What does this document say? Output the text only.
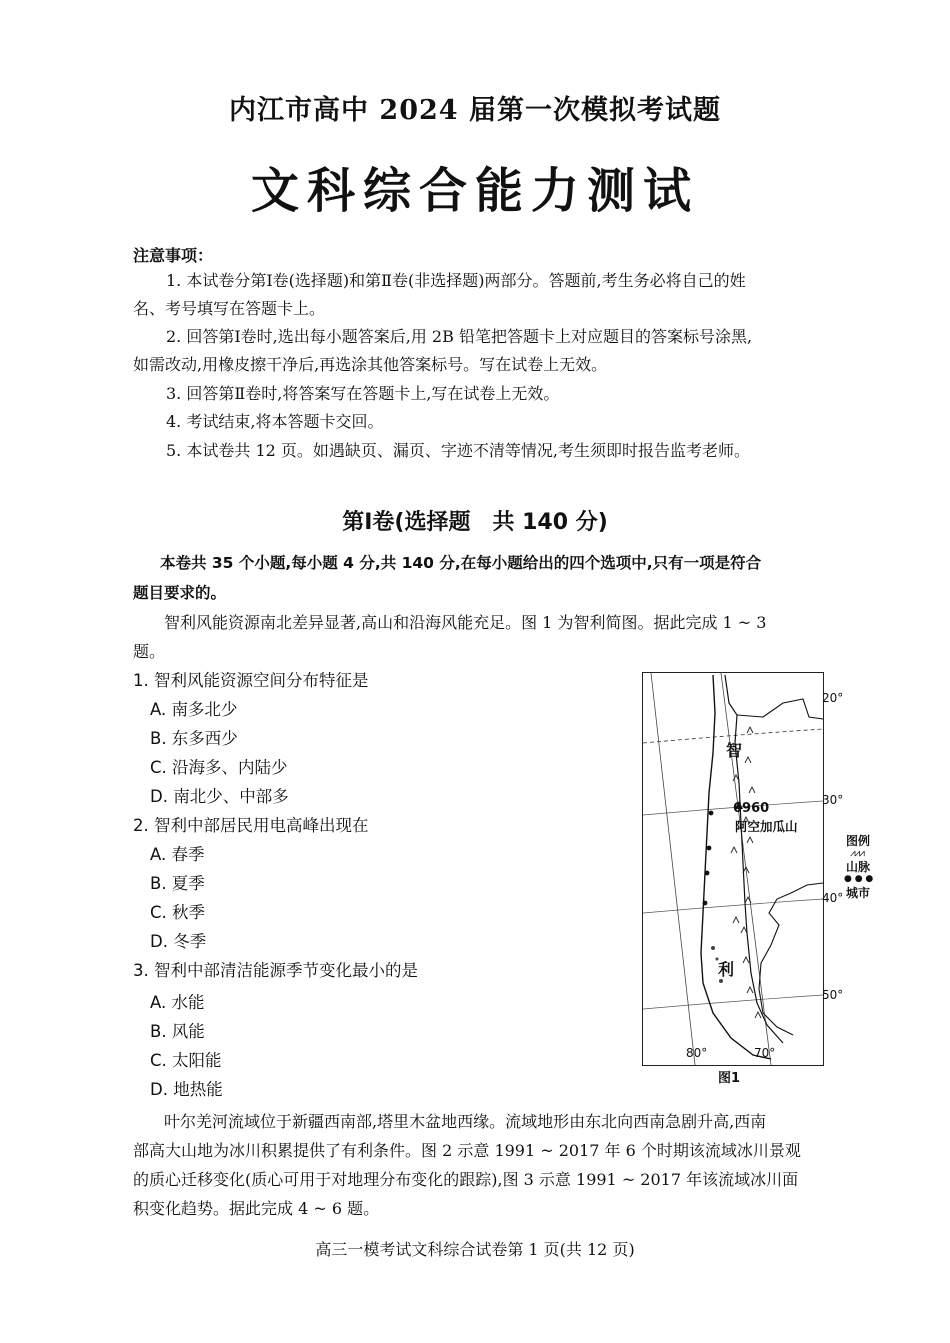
内江市高中 2024 届第一次模拟考试题
文科综合能力测试
注意事项：
1. 本试卷分第Ⅰ卷(选择题)和第Ⅱ卷(非选择题)两部分。答题前,考生务必将自己的姓
名、考号填写在答题卡上。
2. 回答第Ⅰ卷时,选出每小题答案后,用 2B 铅笔把答题卡上对应题目的答案标号涂黑,
如需改动,用橡皮擦干净后,再选涂其他答案标号。写在试卷上无效。
3. 回答第Ⅱ卷时,将答案写在答题卡上,写在试卷上无效。
4. 考试结束,将本答题卡交回。
5. 本试卷共 12 页。如遇缺页、漏页、字迹不清等情况,考生须即时报告监考老师。
第Ⅰ卷(选择题　共 140 分)
本卷共 35 个小题,每小题 4 分,共 140 分,在每小题给出的四个选项中,只有一项是符合
题目要求的。
智利风能资源南北差异显著,高山和沿海风能充足。图 1 为智利简图。据此完成 1 ~ 3
题。
1. 智利风能资源空间分布特征是
A. 南多北少
B. 东多西少
C. 沿海多、内陆少
D. 南北少、中部多
2. 智利中部居民用电高峰出现在
A. 春季
B. 夏季
C. 秋季
D. 冬季
3. 智利中部清洁能源季节变化最小的是
A. 水能
B. 风能
C. 太阳能
D. 地热能
20°
30°
40°
50°
80°	70°
智
利
6960
阿空加瓜山
图例
⩘⩘⩘
山脉
● ● ●
城市
图1
叶尔羌河流域位于新疆西南部,塔里木盆地西缘。流域地形由东北向西南急剧升高,西南
部高大山地为冰川积累提供了有利条件。图 2 示意 1991 ~ 2017 年 6 个时期该流域冰川景观
的质心迁移变化(质心可用于对地理分布变化的跟踪),图 3 示意 1991 ~ 2017 年该流域冰川面
积变化趋势。据此完成 4 ~ 6 题。
高三一模考试文科综合试卷第 1 页(共 12 页)
